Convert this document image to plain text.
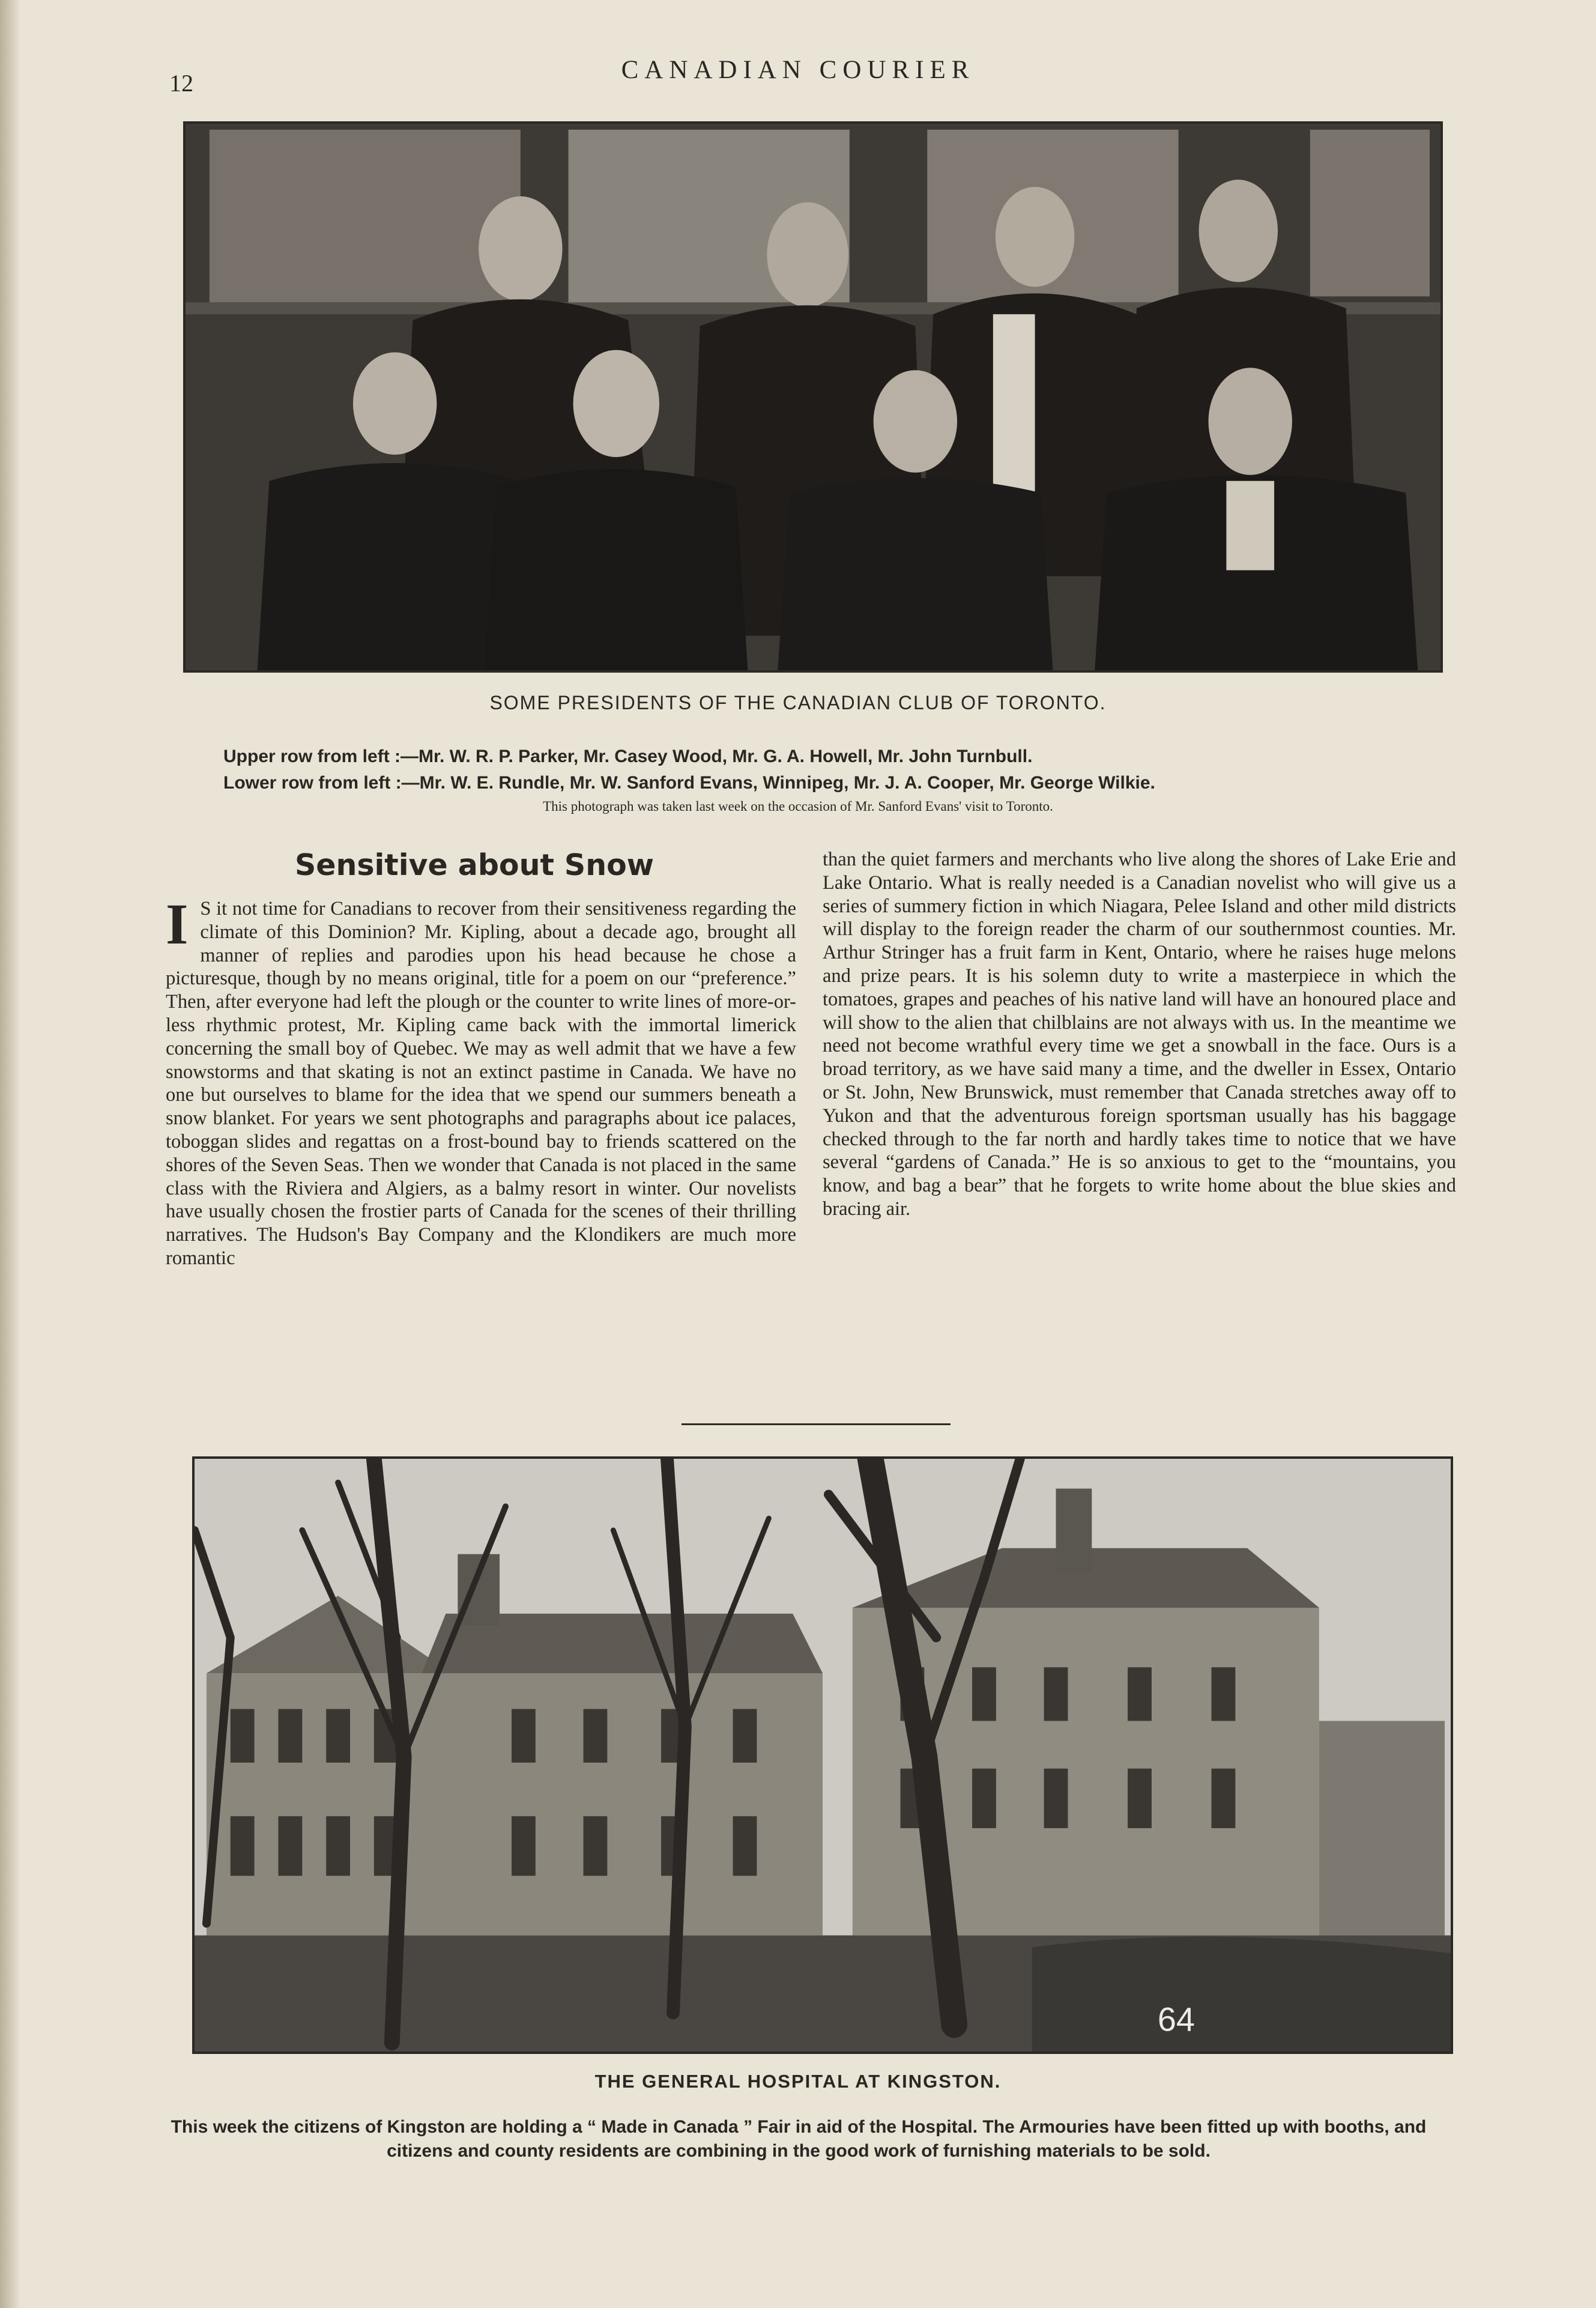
12	CANADIAN COURIER
SOME PRESIDENTS OF THE CANADIAN CLUB OF TORONTO.
Upper row from left :—Mr. W. R. P. Parker, Mr. Casey Wood, Mr. G. A. Howell, Mr. John Turnbull.
Lower row from left :—Mr. W. E. Rundle, Mr. W. Sanford Evans, Winnipeg, Mr. J. A. Cooper, Mr. George Wilkie.
This photograph was taken last week on the occasion of Mr. Sanford Evans' visit to Toronto.
Sensitive about Snow
I S it not time for Canadians to recover from their sensitiveness regarding the climate of this Dominion? Mr. Kipling, about a decade ago, brought all manner of replies and parodies upon his head because he chose a picturesque, though by no means original, title for a poem on our “preference.” Then, after everyone had left the plough or the counter to write lines of more-or-less rhythmic protest, Mr. Kipling came back with the immortal limerick concerning the small boy of Quebec. We may as well admit that we have a few snowstorms and that skating is not an extinct pastime in Canada. We have no one but ourselves to blame for the idea that we spend our summers beneath a snow blanket. For years we sent photographs and paragraphs about ice palaces, toboggan slides and regattas on a frost-bound bay to friends scattered on the shores of the Seven Seas. Then we wonder that Canada is not placed in the same class with the Riviera and Algiers, as a balmy resort in winter. Our novelists have usually chosen the frostier parts of Canada for the scenes of their thrilling narratives. The Hudson's Bay Company and the Klondikers are much more romantic

than the quiet farmers and merchants who live along the shores of Lake Erie and Lake Ontario. What is really needed is a Canadian novelist who will give us a series of summery fiction in which Niagara, Pelee Island and other mild districts will display to the foreign reader the charm of our southernmost counties. Mr. Arthur Stringer has a fruit farm in Kent, Ontario, where he raises huge melons and prize pears. It is his solemn duty to write a masterpiece in which the tomatoes, grapes and peaches of his native land will have an honoured place and will show to the alien that chilblains are not always with us. In the meantime we need not become wrathful every time we get a snowball in the face. Ours is a broad territory, as we have said many a time, and the dweller in Essex, Ontario or St. John, New Brunswick, must remember that Canada stretches away off to Yukon and that the adventurous foreign sportsman usually has his baggage checked through to the far north and hardly takes time to notice that we have several “gardens of Canada.” He is so anxious to get to the “mountains, you know, and bag a bear” that he forgets to write home about the blue skies and bracing air.

64
THE GENERAL HOSPITAL AT KINGSTON.
This week the citizens of Kingston are holding a “ Made in Canada ” Fair in aid of the Hospital. The Armouries have been fitted up with booths, and citizens and county residents are combining in the good work of furnishing materials to be sold.
